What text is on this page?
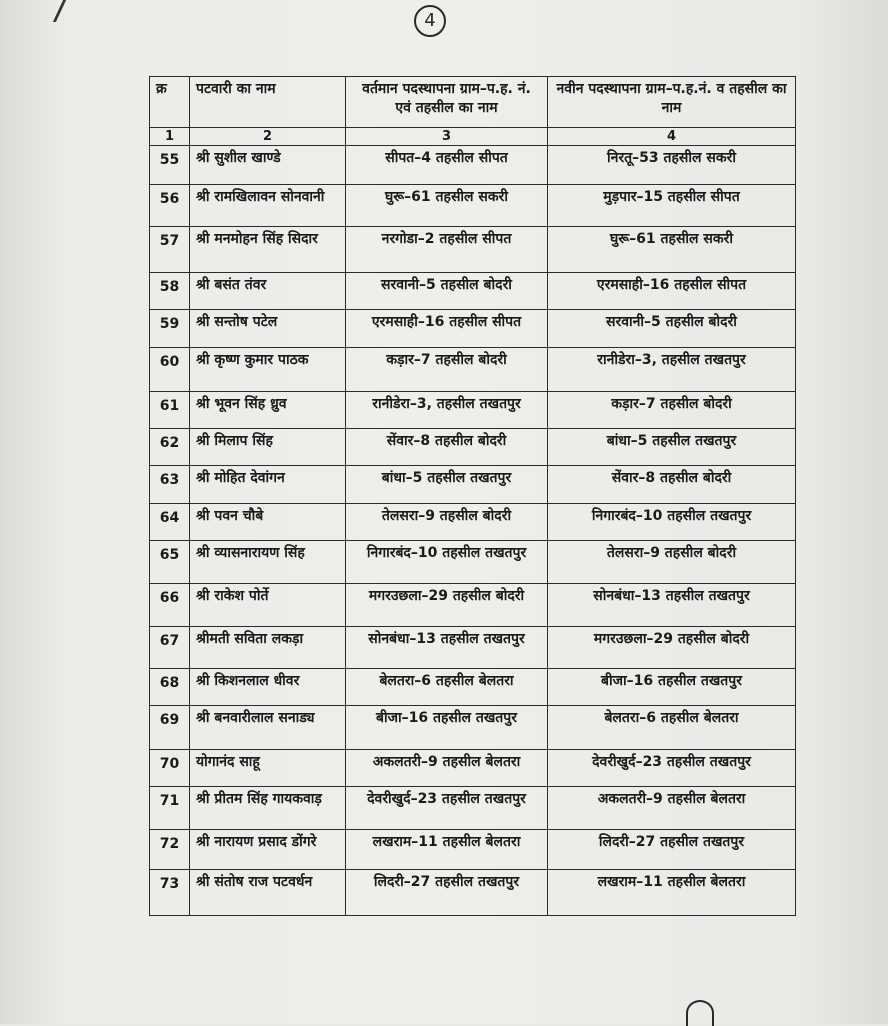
4
क्र	पटवारी का नाम	वर्तमान पदस्थापना ग्राम–प.ह. नं. एवं तहसील का नाम	नवीन पदस्थापना ग्राम–प.ह.नं. व तहसील का नाम
1	2	3	4
55	श्री सुशील खाण्डे	सीपत–4 तहसील सीपत	निरतू–53 तहसील सकरी
56	श्री रामखिलावन सोनवानी	घुरू–61 तहसील सकरी	मुड़पार–15 तहसील सीपत
57	श्री मनमोहन सिंह सिदार	नरगोडा–2 तहसील सीपत	घुरू–61 तहसील सकरी
58	श्री बसंत तंवर	सरवानी–5 तहसील बोदरी	एरमसाही–16 तहसील सीपत
59	श्री सन्तोष पटेल	एरमसाही–16 तहसील सीपत	सरवानी–5 तहसील बोदरी
60	श्री कृष्ण कुमार पाठक	कड़ार–7 तहसील बोदरी	रानीडेरा–3, तहसील तखतपुर
61	श्री भूवन सिंह ध्रुव	रानीडेरा–3, तहसील तखतपुर	कड़ार–7 तहसील बोदरी
62	श्री मिलाप सिंह	सेंवार–8 तहसील बोदरी	बांधा–5 तहसील तखतपुर
63	श्री मोहित देवांगन	बांधा–5 तहसील तखतपुर	सेंवार–8 तहसील बोदरी
64	श्री पवन चौबे	तेलसरा–9 तहसील बोदरी	निगारबंद–10 तहसील तखतपुर
65	श्री व्यासनारायण सिंह	निगारबंद–10 तहसील तखतपुर	तेलसरा–9 तहसील बोदरी
66	श्री राकेश पोर्ते	मगरउछला–29 तहसील बोदरी	सोनबंधा–13 तहसील तखतपुर
67	श्रीमती सविता लकड़ा	सोनबंधा–13 तहसील तखतपुर	मगरउछला–29 तहसील बोदरी
68	श्री किशनलाल धीवर	बेलतरा–6 तहसील बेलतरा	बीजा–16 तहसील तखतपुर
69	श्री बनवारीलाल सनाड्य	बीजा–16 तहसील तखतपुर	बेलतरा–6 तहसील बेलतरा
70	योगानंद साहू	अकलतरी–9 तहसील बेलतरा	देवरीखुर्द–23 तहसील तखतपुर
71	श्री प्रीतम सिंह गायकवाड़	देवरीखुर्द–23 तहसील तखतपुर	अकलतरी–9 तहसील बेलतरा
72	श्री नारायण प्रसाद डोंगरे	लखराम–11 तहसील बेलतरा	लिदरी–27 तहसील तखतपुर
73	श्री संतोष राज पटवर्धन	लिदरी–27 तहसील तखतपुर	लखराम–11 तहसील बेलतरा
